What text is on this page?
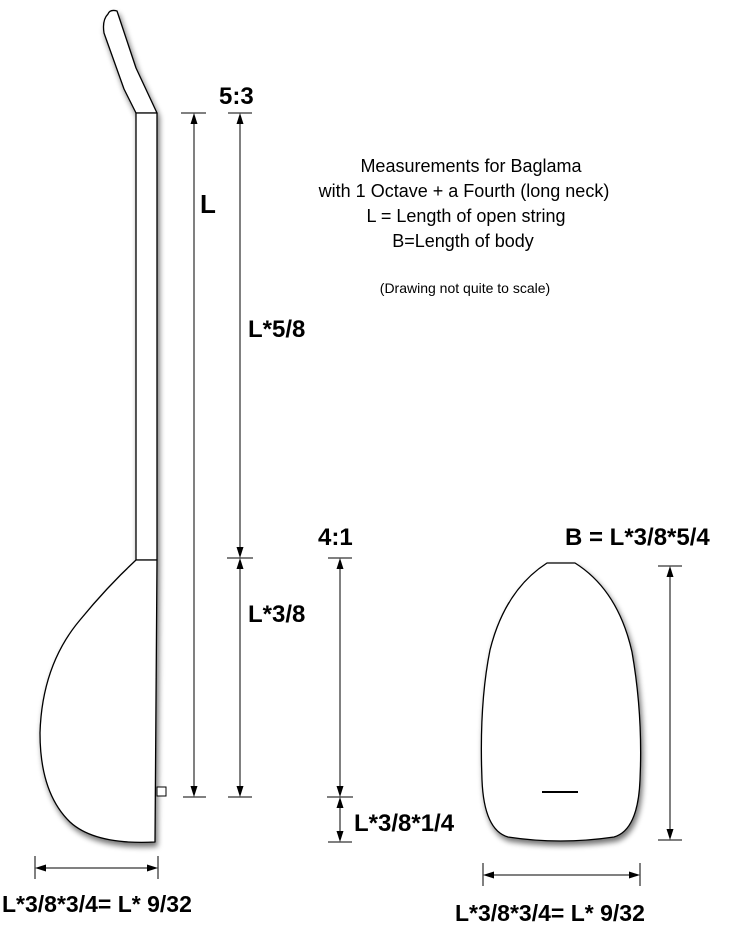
5:3
L
L*5/8
4:1
L*3/8
L*3/8*1/4
B = L*3/8*5/4
L*3/8*3/4= L* 9/32	L*3/8*3/4= L* 9/32
Measurements for Baglama
with 1 Octave + a Fourth (long neck)
L = Length of open string
B=Length of body
(Drawing not quite to scale)
